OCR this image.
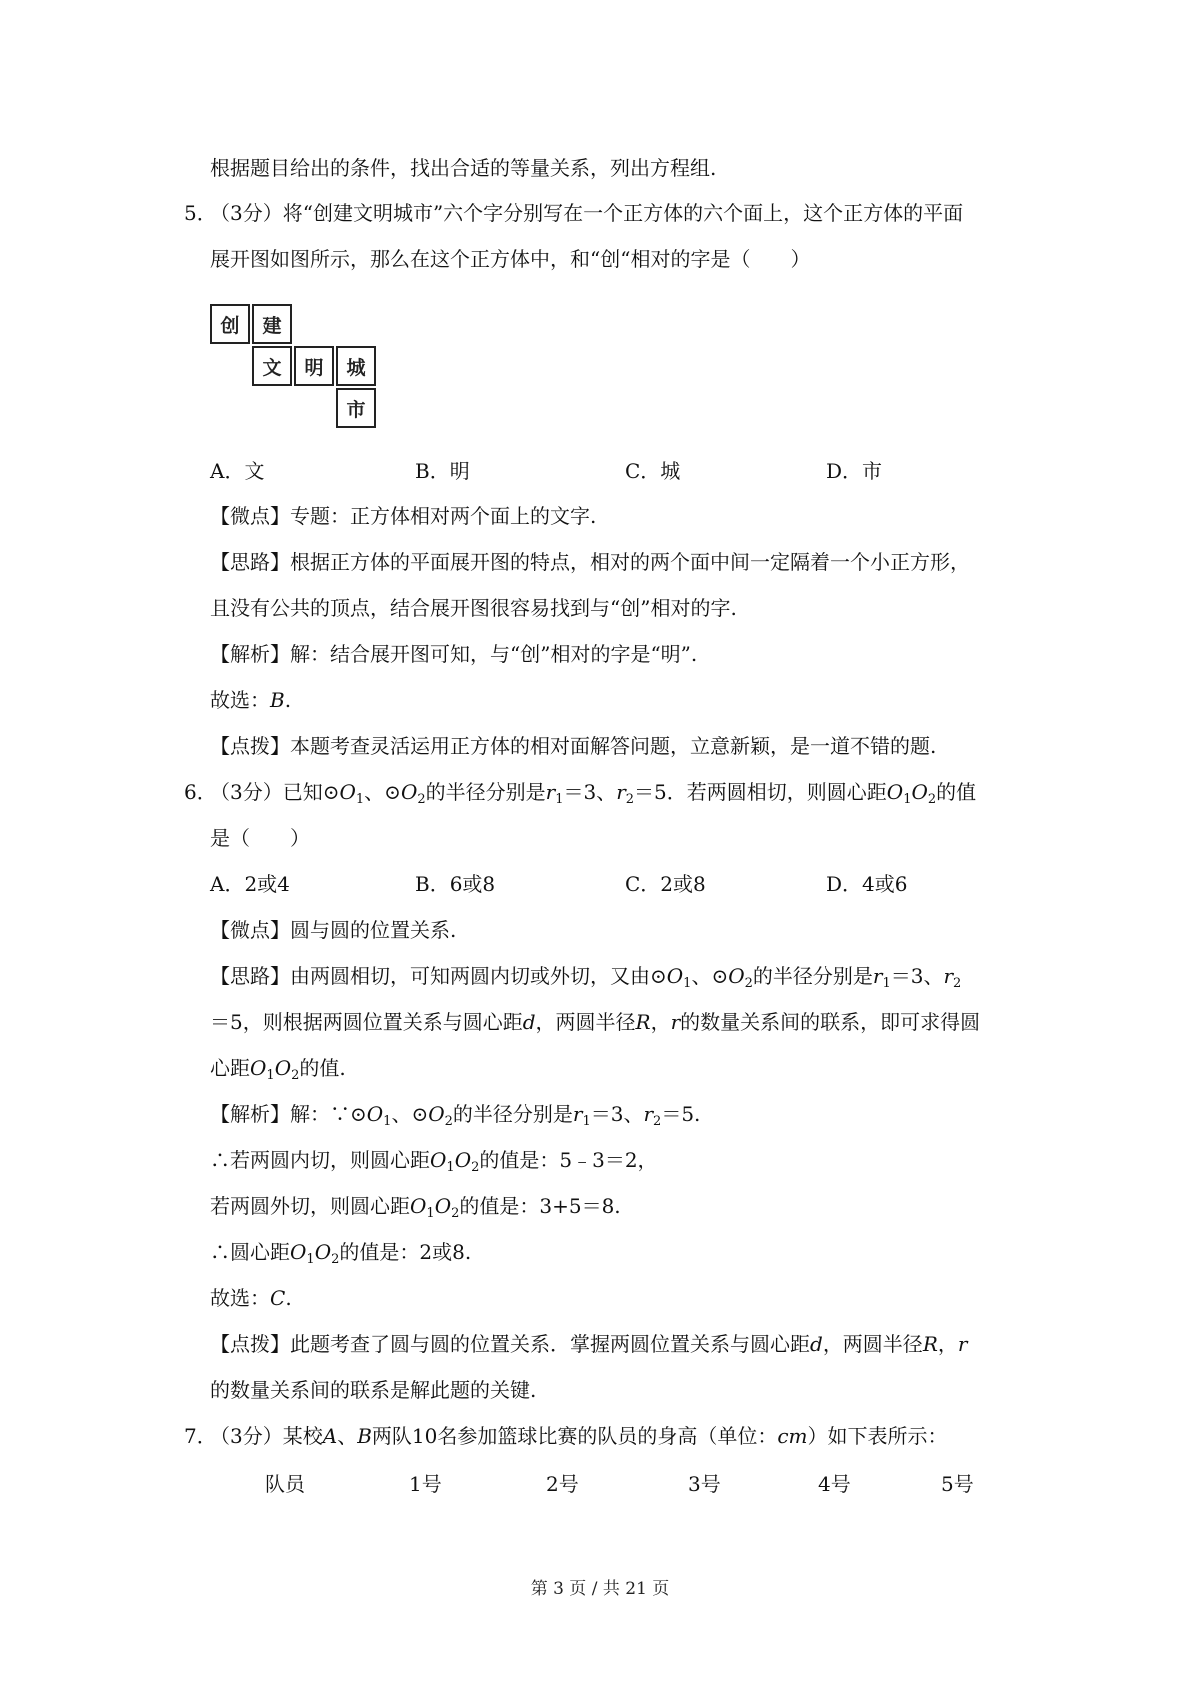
根据题目给出的条件，找出合适的等量关系，列出方程组.

5．

（3分）将“创建文明城市”六个字分别写在一个正方体的六个面上，这个正方体的平面

展开图如图所示，那么在这个正方体中，和“创“相对的字是（　　）

创	建
文	明	城
市
A．文	B．明	C．城	D．市

【微点】专题：正方体相对两个面上的文字.

【思路】根据正方体的平面展开图的特点，相对的两个面中间一定隔着一个小正方形，

且没有公共的顶点，结合展开图很容易找到与“创”相对的字.

【解析】解：结合展开图可知，与“创”相对的字是“明”.

故选：B.

【点拨】本题考查灵活运用正方体的相对面解答问题，立意新颖，是一道不错的题.

6．

（3分）已知$⊙O_1$、$⊙O_2$的半径分别是$r_1=3$、$r_2=5$．若两圆相切，则圆心距$O_1O_2$的值

是（　　）

A．2或4	B．6或8	C．2或8	D．4或6

【微点】圆与圆的位置关系.

【思路】由两圆相切，可知两圆内切或外切，又由$⊙O_1$、$⊙O_2$的半径分别是$r_1=3$、$r_2$

＝5，则根据两圆位置关系与圆心距d，两圆半径R，r的数量关系间的联系，即可求得圆

心距$O_1O_2$的值.

【解析】解：$\because⊙O_1$、$⊙O_2$的半径分别是$r_1=3$、$r_2=5$.

∴若两圆内切，则圆心距$O_1O_2$的值是：5﹣3＝2，

若两圆外切，则圆心距$O_1O_2$的值是：3+5＝8.

∴圆心距$O_1O_2$的值是：2或8.

故选：C.

【点拨】此题考查了圆与圆的位置关系．掌握两圆位置关系与圆心距d，两圆半径R，r

的数量关系间的联系是解此题的关键.

7．

（3分）某校A、B两队10名参加篮球比赛的队员的身高（单位：cm）如下表所示：

队员	1号	2号	3号	4号	5号
第 3 页 / 共 21 页
